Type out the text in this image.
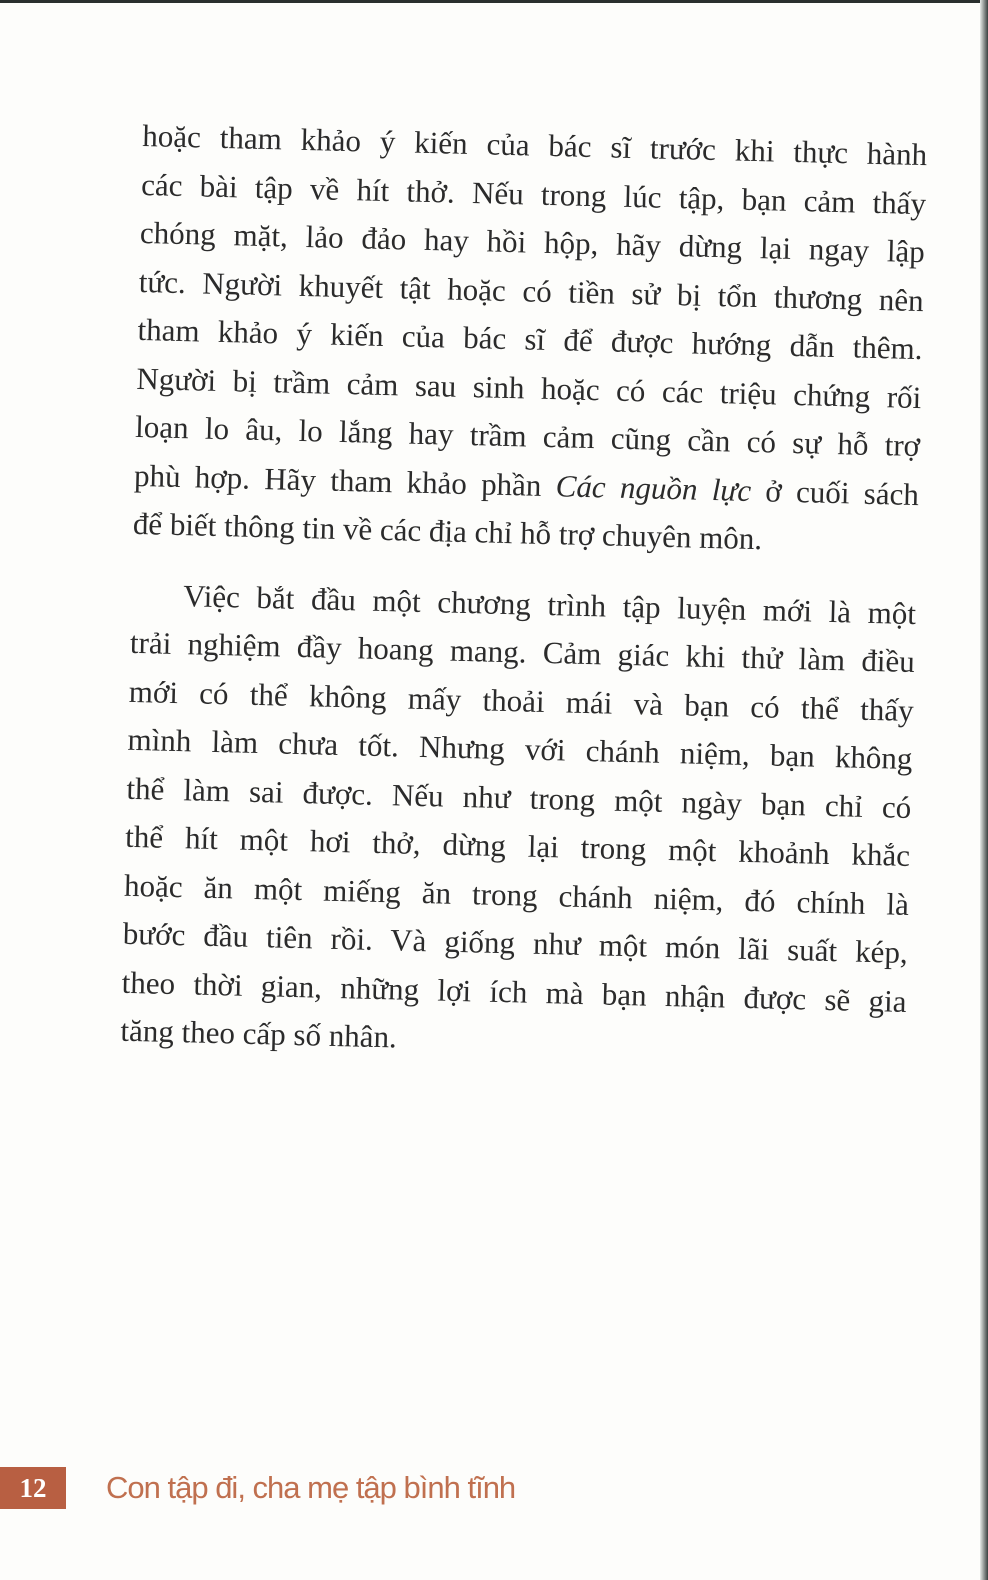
hoặc tham khảo ý kiến của bác sĩ trước khi thực hành
các bài tập về hít thở. Nếu trong lúc tập, bạn cảm thấy
chóng mặt, lảo đảo hay hồi hộp, hãy dừng lại ngay lập
tức. Người khuyết tật hoặc có tiền sử bị tổn thương nên
tham khảo ý kiến của bác sĩ để được hướng dẫn thêm.
Người bị trầm cảm sau sinh hoặc có các triệu chứng rối
loạn lo âu, lo lắng hay trầm cảm cũng cần có sự hỗ trợ
phù hợp. Hãy tham khảo phần Các nguồn lực ở cuối sách
để biết thông tin về các địa chỉ hỗ trợ chuyên môn.
Việc bắt đầu một chương trình tập luyện mới là một
trải nghiệm đầy hoang mang. Cảm giác khi thử làm điều
mới có thể không mấy thoải mái và bạn có thể thấy
mình làm chưa tốt. Nhưng với chánh niệm, bạn không
thể làm sai được. Nếu như trong một ngày bạn chỉ có
thể hít một hơi thở, dừng lại trong một khoảnh khắc
hoặc ăn một miếng ăn trong chánh niệm, đó chính là
bước đầu tiên rồi. Và giống như một món lãi suất kép,
theo thời gian, những lợi ích mà bạn nhận được sẽ gia
tăng theo cấp số nhân.
12	Con tập đi, cha mẹ tập bình tĩnh
